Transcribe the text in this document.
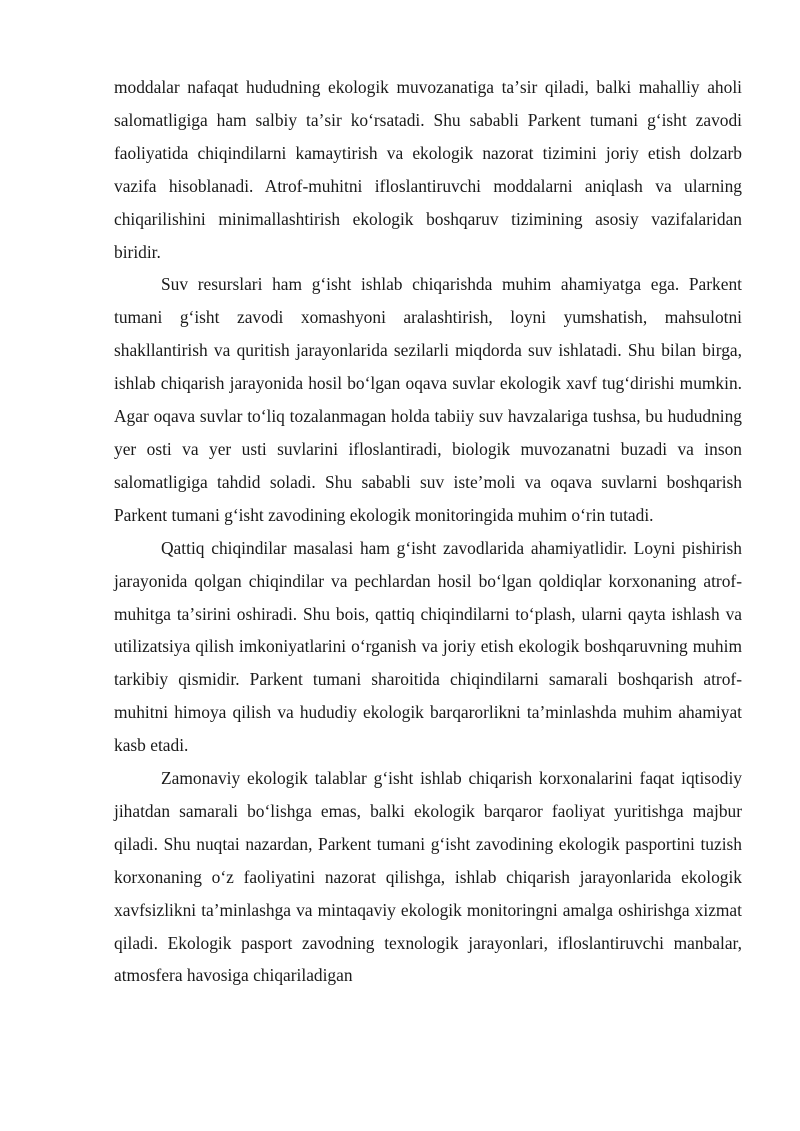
moddalar nafaqat hududning ekologik muvozanatiga taʼsir qiladi, balki mahalliy aholi salomatligiga ham salbiy taʼsir koʻrsatadi. Shu sababli Parkent tumani gʻisht zavodi faoliyatida chiqindilarni kamaytirish va ekologik nazorat tizimini joriy etish dolzarb vazifa hisoblanadi. Atrof-muhitni ifloslantiruvchi moddalarni aniqlash va ularning chiqarilishini minimallashtirish ekologik boshqaruv tizimining asosiy vazifalaridan biridir.

Suv resurslari ham gʻisht ishlab chiqarishda muhim ahamiyatga ega. Parkent tumani gʻisht zavodi xomashyoni aralashtirish, loyni yumshatish, mahsulotni shakllantirish va quritish jarayonlarida sezilarli miqdorda suv ishlatadi. Shu bilan birga, ishlab chiqarish jarayonida hosil boʻlgan oqava suvlar ekologik xavf tugʻdirishi mumkin. Agar oqava suvlar toʻliq tozalanmagan holda tabiiy suv havzalariga tushsa, bu hududning yer osti va yer usti suvlarini ifloslantiradi, biologik muvozanatni buzadi va inson salomatligiga tahdid soladi. Shu sababli suv isteʼmoli va oqava suvlarni boshqarish Parkent tumani gʻisht zavodining ekologik monitoringida muhim oʻrin tutadi.

Qattiq chiqindilar masalasi ham gʻisht zavodlarida ahamiyatlidir. Loyni pishirish jarayonida qolgan chiqindilar va pechlardan hosil boʻlgan qoldiqlar korxonaning atrof-muhitga taʼsirini oshiradi. Shu bois, qattiq chiqindilarni toʻplash, ularni qayta ishlash va utilizatsiya qilish imkoniyatlarini oʻrganish va joriy etish ekologik boshqaruvning muhim tarkibiy qismidir. Parkent tumani sharoitida chiqindilarni samarali boshqarish atrof-muhitni himoya qilish va hududiy ekologik barqarorlikni taʼminlashda muhim ahamiyat kasb etadi.

Zamonaviy ekologik talablar gʻisht ishlab chiqarish korxonalarini faqat iqtisodiy jihatdan samarali boʻlishga emas, balki ekologik barqaror faoliyat yuritishga majbur qiladi. Shu nuqtai nazardan, Parkent tumani gʻisht zavodining ekologik pasportini tuzish korxonaning oʻz faoliyatini nazorat qilishga, ishlab chiqarish jarayonlarida ekologik xavfsizlikni taʼminlashga va mintaqaviy ekologik monitoringni amalga oshirishga xizmat qiladi. Ekologik pasport zavodning texnologik jarayonlari, ifloslantiruvchi manbalar, atmosfera havosiga chiqariladigan
